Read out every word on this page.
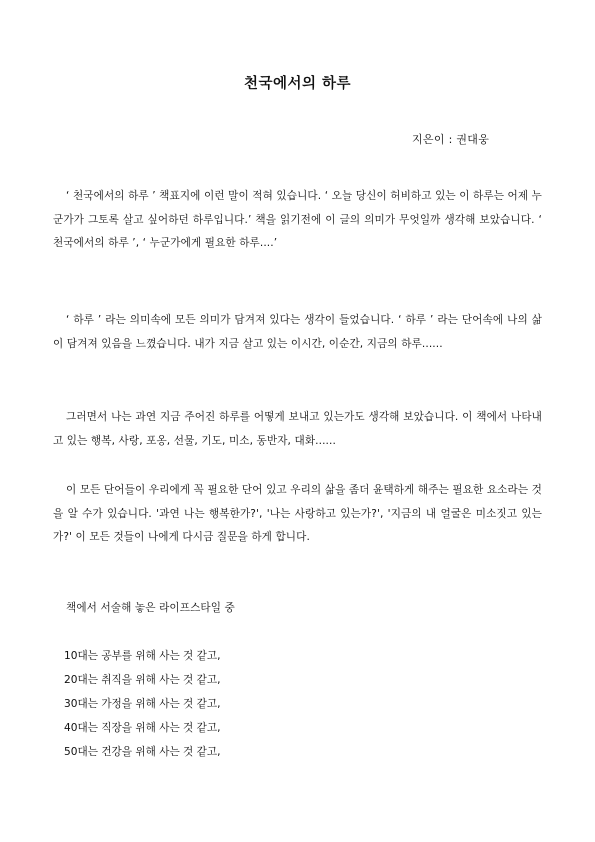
천국에서의 하루
지은이 : 권대웅

‘ 천국에서의 하루 ’ 책표지에 이런 말이 적혀 있습니다. ‘ 오늘 당신이 허비하고 있는 이 하루는 어제 누군가가 그토록 살고 싶어하던 하루입니다.’ 책을 읽기전에 이 글의 의미가 무엇일까 생각해 보았습니다. ‘ 천국에서의 하루 ’, ‘ 누군가에게 필요한 하루....’

‘ 하루 ’ 라는 의미속에 모든 의미가 담겨져 있다는 생각이 들었습니다. ‘ 하루 ’ 라는 단어속에 나의 삶이 담겨져 있음을 느꼈습니다. 내가 지금 살고 있는 이시간, 이순간, 지금의 하루......

그러면서 나는 과연 지금 주어진 하루를 어떻게 보내고 있는가도 생각해 보았습니다. 이 책에서 나타내고 있는 행복, 사랑, 포옹, 선물, 기도, 미소, 동반자, 대화......

이 모든 단어들이 우리에게 꼭 필요한 단어 있고 우리의 삶을 좀더 윤택하게 해주는 필요한 요소라는 것을 알 수가 있습니다. '과연 나는 행복한가?', '나는 사랑하고 있는가?', '지금의 내 얼굴은 미소짓고 있는가?' 이 모든 것들이 나에게 다시금 질문을 하게 합니다.

책에서 서술해 놓은 라이프스타일 중

10대는 공부를 위해 사는 것 같고,
20대는 취직을 위해 사는 것 같고,
30대는 가정을 위해 사는 것 같고,
40대는 직장을 위해 사는 것 같고,
50대는 건강을 위해 사는 것 같고,
